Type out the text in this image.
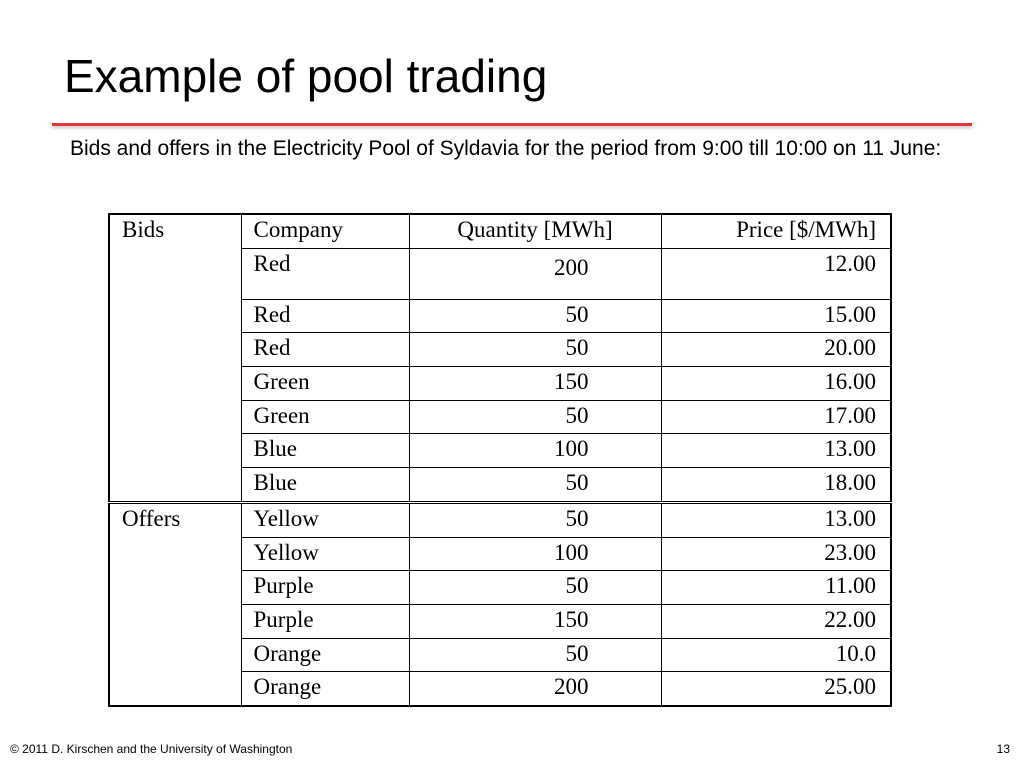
Example of pool trading
Bids and offers in the Electricity Pool of Syldavia for the period from 9:00 till 10:00 on 11 June:
Bids	Company	Quantity [MWh]	Price [$/MWh]
	Red	200	12.00
	Red	50	15.00
	Red	50	20.00
	Green	150	16.00
	Green	50	17.00
	Blue	100	13.00
	Blue	50	18.00
Offers	Yellow	50	13.00
	Yellow	100	23.00
	Purple	50	11.00
	Purple	150	22.00
	Orange	50	10.0
	Orange	200	25.00
© 2011 D. Kirschen and the University of Washington	13
